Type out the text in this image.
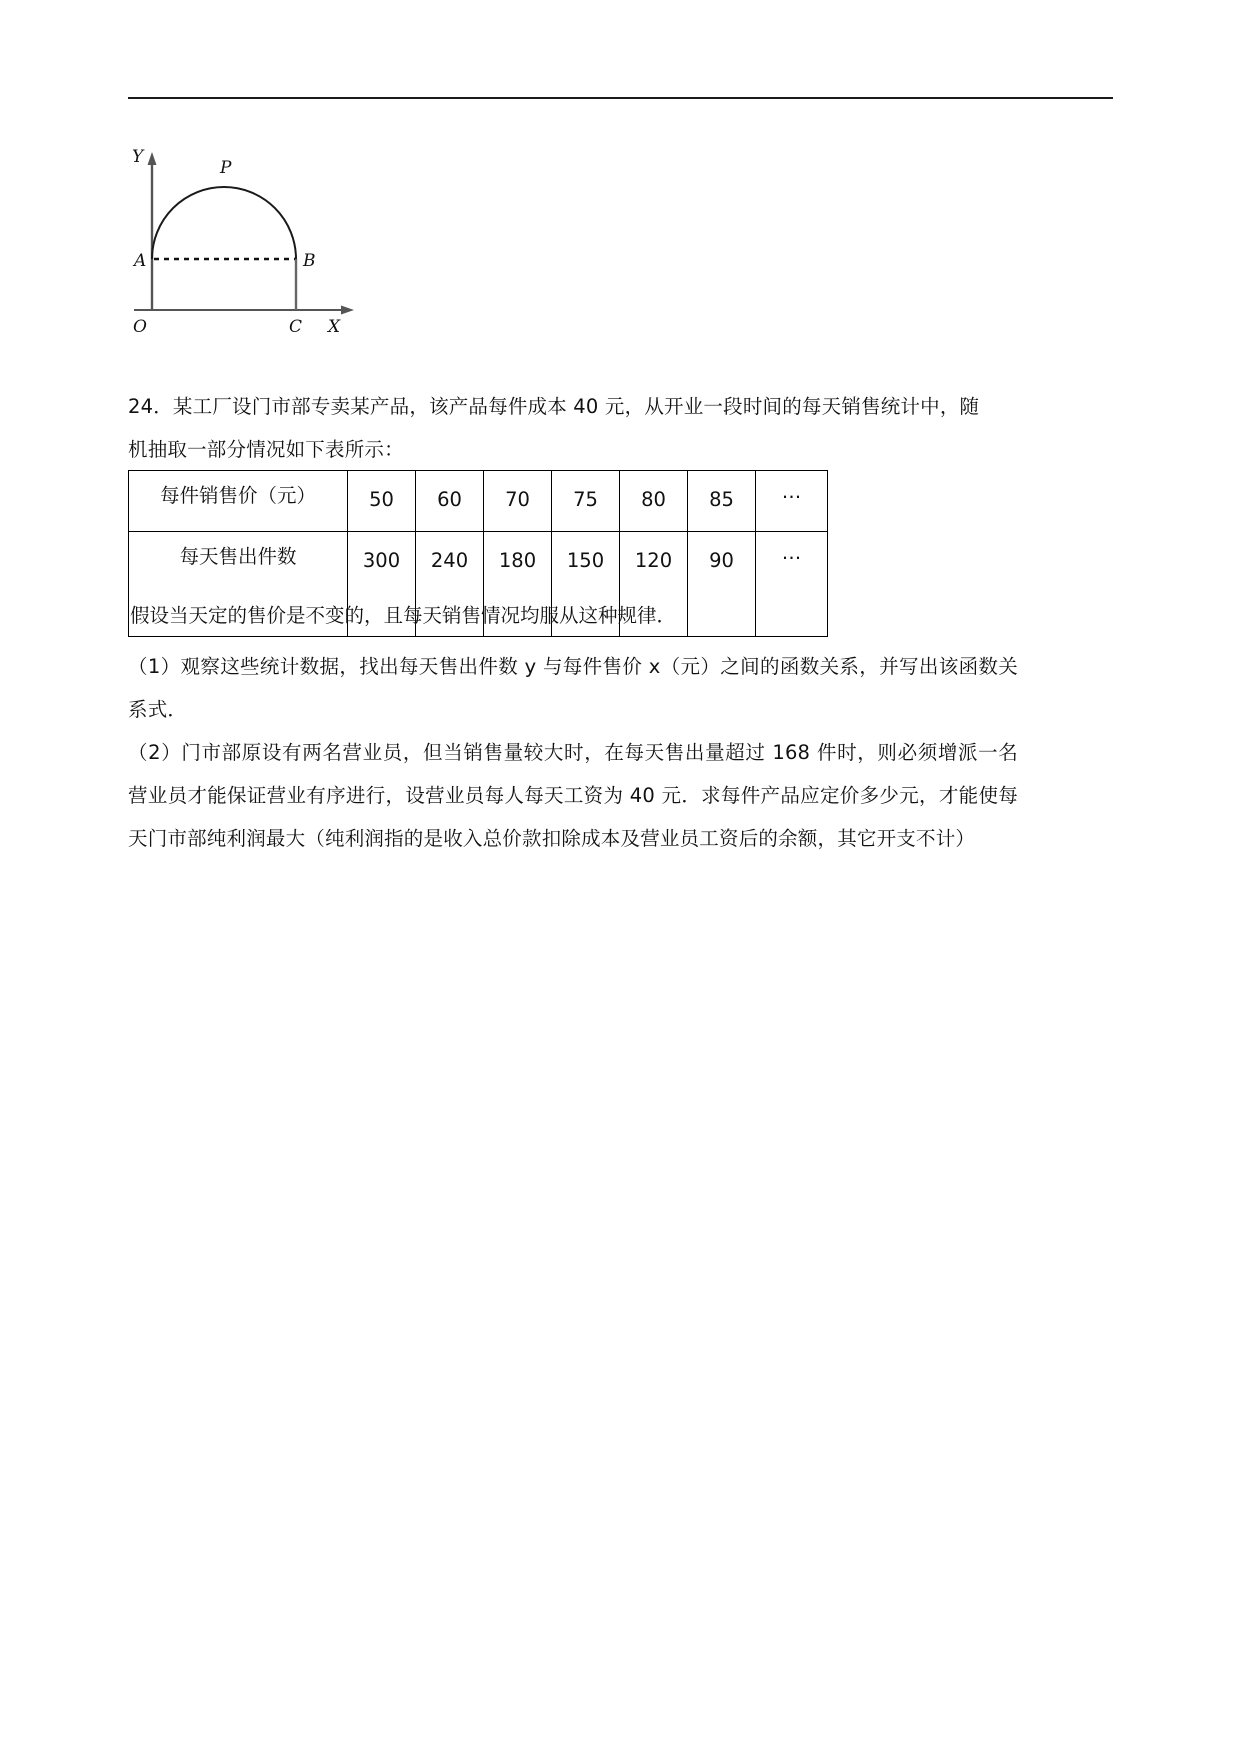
Y
P
A	B
O	C X
24．某工厂设门市部专卖某产品，该产品每件成本 40 元，从开业一段时间的每天销售统计中，随
机抽取一部分情况如下表所示：
每件销售价（元）	50	60	70	75	80	85	…
每天售出件数	300	240	180	150	120	90	…
假设当天定的售价是不变的，且每天销售情况均服从这种规律．
（1）观察这些统计数据，找出每天售出件数 y 与每件售价 x（元）之间的函数关系，并写出该函数关系式．
（2）门市部原设有两名营业员，但当销售量较大时，在每天售出量超过 168 件时，则必须增派一名营业员才能保证营业有序进行，设营业员每人每天工资为 40 元．求每件产品应定价多少元，才能使每天门市部纯利润最大（纯利润指的是收入总价款扣除成本及营业员工资后的余额，其它开支不计）
